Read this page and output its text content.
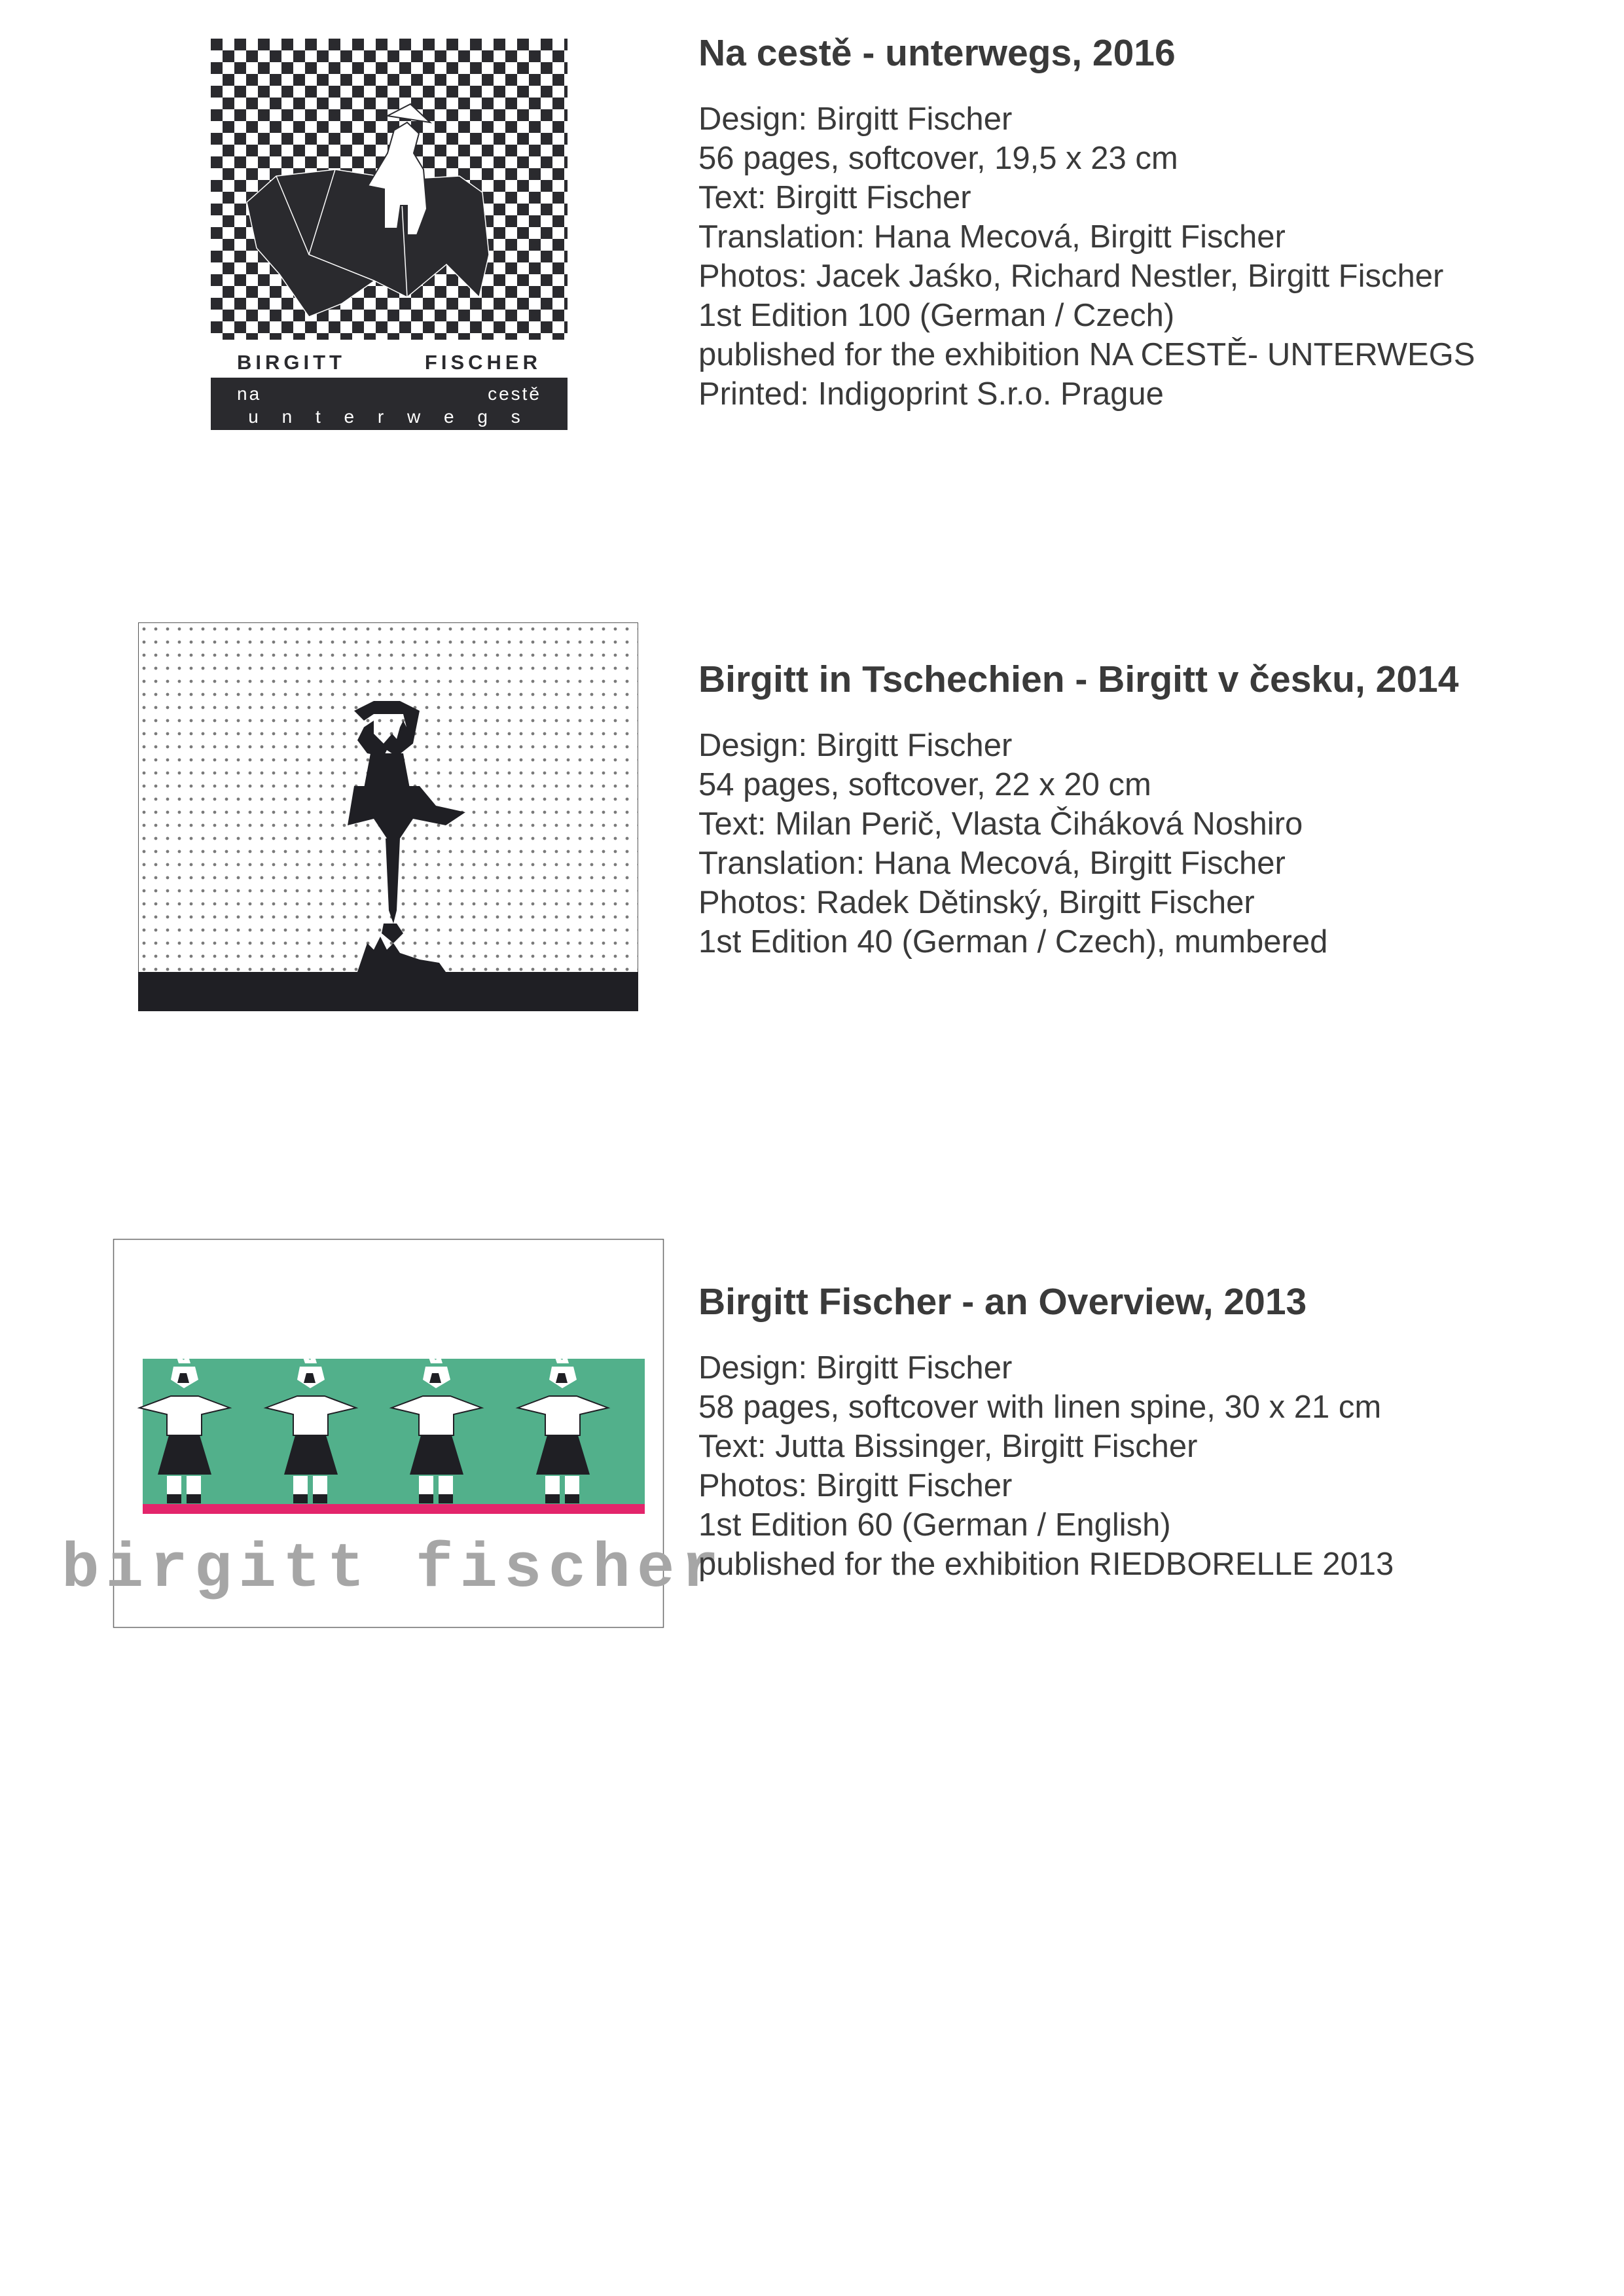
BIRGITT	FISCHER
na	cestě
u n t e r w e g s
Na cestě - unterwegs, 2016
Design: Birgitt Fischer
56 pages, softcover, 19,5 x 23 cm
Text: Birgitt Fischer
Translation: Hana Mecová, Birgitt Fischer
Photos: Jacek Jaśko, Richard Nestler, Birgitt Fischer
1st Edition 100 (German / Czech)
published for the exhibition NA CESTĚ- UNTERWEGS
Printed: Indigoprint S.r.o. Prague
Birgitt in Tschechien - Birgitt v česku, 2014
Design: Birgitt Fischer
54 pages, softcover, 22 x 20 cm
Text: Milan Perič, Vlasta Čiháková Noshiro
Translation: Hana Mecová, Birgitt Fischer
Photos: Radek Dětinský, Birgitt Fischer
1st Edition 40 (German / Czech), mumbered
birgitt fischer
Birgitt Fischer - an Overview, 2013
Design: Birgitt Fischer
58 pages, softcover with linen spine, 30 x 21 cm
Text: Jutta Bissinger, Birgitt Fischer
Photos: Birgitt Fischer
1st Edition 60 (German / English)
published for the exhibition RIEDBORELLE 2013
